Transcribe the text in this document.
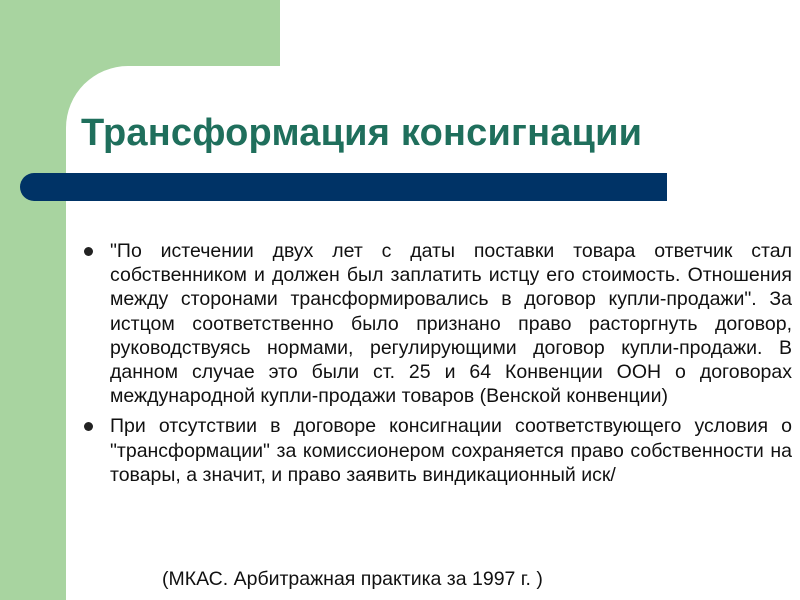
Трансформация консигнации
"По истечении двух лет с даты поставки товара ответчик стал собственником и должен был заплатить истцу его стоимость. Отношения между сторонами трансформировались в договор купли-продажи". За истцом соответственно было признано право расторгнуть договор, руководствуясь нормами, регулирующими договор купли-продажи. В данном случае это были ст. 25 и 64 Конвенции ООН о договорах международной купли-продажи товаров (Венской конвенции)
При отсутствии в договоре консигнации соответствующего условия о "трансформации" за комиссионером сохраняется право собственности на товары, а значит, и право заявить виндикационный иск/

(МКАС. Арбитражная практика за 1997 г. )
